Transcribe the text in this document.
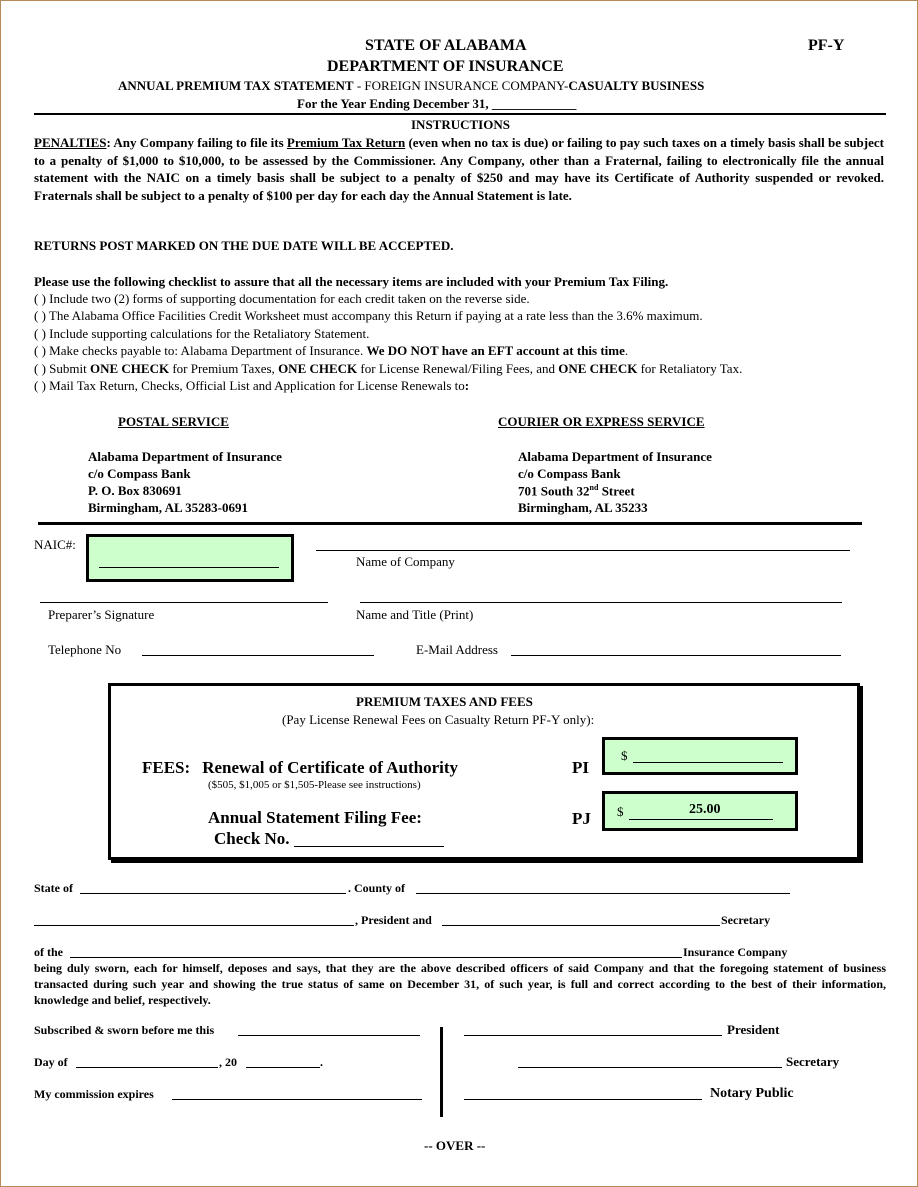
STATE OF ALABAMA	PF-Y
DEPARTMENT OF INSURANCE
ANNUAL PREMIUM TAX STATEMENT - FOREIGN INSURANCE COMPANY-CASUALTY BUSINESS
For the Year Ending December 31, _____________
INSTRUCTIONS
PENALTIES: Any Company failing to file its Premium Tax Return (even when no tax is due) or failing to pay such taxes on a timely basis shall be subject to a penalty of $1,000 to $10,000, to be assessed by the Commissioner. Any Company, other than a Fraternal, failing to electronically file the annual statement with the NAIC on a timely basis shall be subject to a penalty of $250 and may have its Certificate of Authority suspended or revoked. Fraternals shall be subject to a penalty of $100 per day for each day the Annual Statement is late.
RETURNS POST MARKED ON THE DUE DATE WILL BE ACCEPTED.
Please use the following checklist to assure that all the necessary items are included with your Premium Tax Filing.
( ) Include two (2) forms of supporting documentation for each credit taken on the reverse side.
( ) The Alabama Office Facilities Credit Worksheet must accompany this Return if paying at a rate less than the 3.6% maximum.
( ) Include supporting calculations for the Retaliatory Statement.
( ) Make checks payable to: Alabama Department of Insurance. We DO NOT have an EFT account at this time.
( ) Submit ONE CHECK for Premium Taxes, ONE CHECK for License Renewal/Filing Fees, and ONE CHECK for Retaliatory Tax.
( ) Mail Tax Return, Checks, Official List and Application for License Renewals to:
POSTAL SERVICE	COURIER OR EXPRESS SERVICE
Alabama Department of Insurance
c/o Compass Bank
P. O. Box 830691
Birmingham, AL 35283-0691
Alabama Department of Insurance
c/o Compass Bank
701 South 32nd Street
Birmingham, AL 35233
NAIC#:
Name of Company
Preparer’s Signature	Name and Title (Print)
Telephone No	E-Mail Address
PREMIUM TAXES AND FEES
(Pay License Renewal Fees on Casualty Return PF-Y only):
FEES: Renewal of Certificate of Authority
($505, $1,005 or $1,505-Please see instructions)
PI
$
Annual Statement Filing Fee:
Check No.
PJ $	25.00
State of	. County of
, President and	Secretary
of the	Insurance Company
being duly sworn, each for himself, deposes and says, that they are the above described officers of said Company and that the foregoing statement of business transacted during such year and showing the true status of same on December 31, of such year, is full and correct according to the best of their information, knowledge and belief, respectively.
Subscribed & sworn before me this
Day of	, 20	.
My commission expires
President
Secretary
Notary Public
-- OVER --
